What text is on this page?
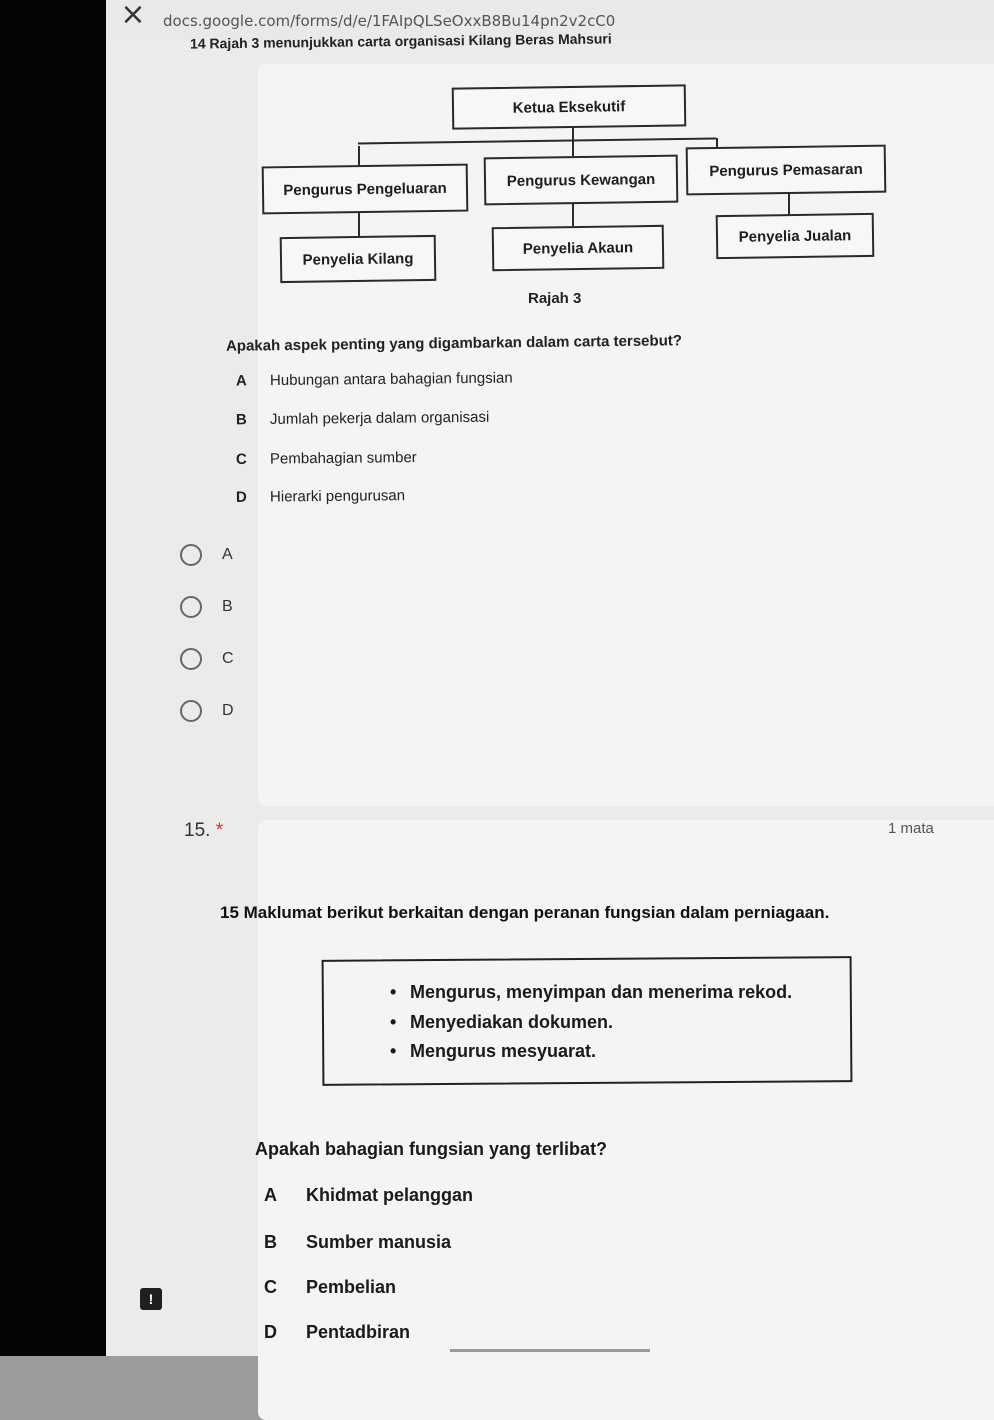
× docs.google.com/forms/d/e/1FAIpQLSeOxxB8Bu14pn2v2cC0
14 Rajah 3 menunjukkan carta organisasi Kilang Beras Mahsuri
Ketua Eksekutif
Pengurus Pengeluaran	Pengurus Kewangan
Pengurus Pemasaran
Penyelia Kilang
Penyelia Akaun
Penyelia Jualan
Rajah 3
Apakah aspek penting yang digambarkan dalam carta tersebut?
A Hubungan antara bahagian fungsian
B Jumlah pekerja dalam organisasi
C Pembahagian sumber
D Hierarki pengurusan
A
B
C
D
15. *	1 mata
15 Maklumat berikut berkaitan dengan peranan fungsian dalam perniagaan.
• Mengurus, menyimpan dan menerima rekod.
• Menyediakan dokumen.
• Mengurus mesyuarat.
Apakah bahagian fungsian yang terlibat?
A Khidmat pelanggan
B Sumber manusia
C Pembelian
D Pentadbiran
!
